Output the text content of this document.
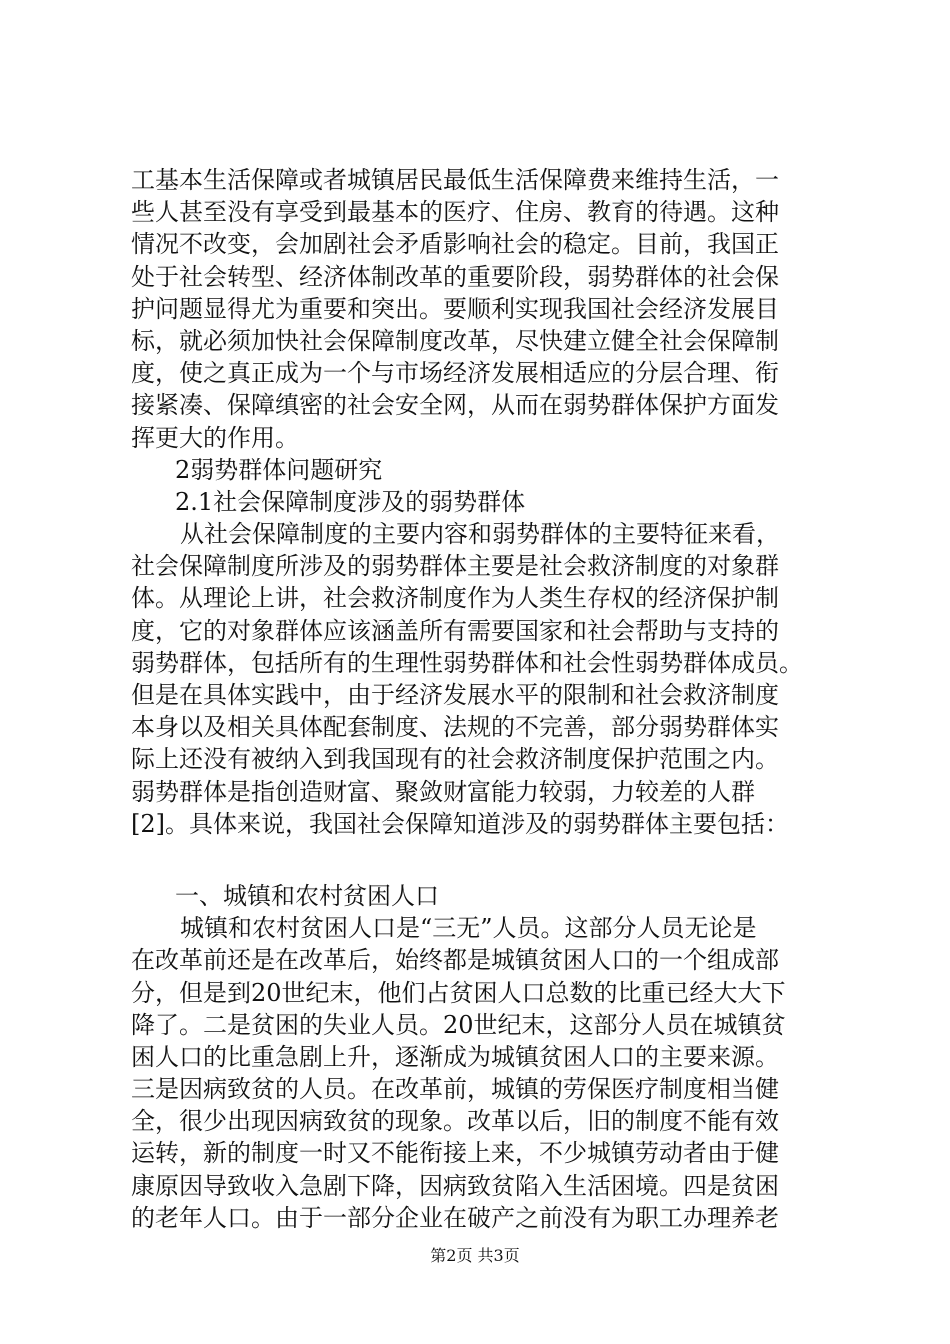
工基本生活保障或者城镇居民最低生活保障费来维持生活，一
些人甚至没有享受到最基本的医疗、住房、教育的待遇。这种
情况不改变，会加剧社会矛盾影响社会的稳定。目前，我国正
处于社会转型、经济体制改革的重要阶段，弱势群体的社会保
护问题显得尤为重要和突出。要顺利实现我国社会经济发展目
标，就必须加快社会保障制度改革，尽快建立健全社会保障制
度，使之真正成为一个与市场经济发展相适应的分层合理、衔
接紧凑、保障缜密的社会安全网，从而在弱势群体保护方面发
挥更大的作用。
2弱势群体问题研究
2.1社会保障制度涉及的弱势群体
从社会保障制度的主要内容和弱势群体的主要特征来看，
社会保障制度所涉及的弱势群体主要是社会救济制度的对象群
体。从理论上讲，社会救济制度作为人类生存权的经济保护制
度，它的对象群体应该涵盖所有需要国家和社会帮助与支持的
弱势群体，包括所有的生理性弱势群体和社会性弱势群体成员。
但是在具体实践中，由于经济发展水平的限制和社会救济制度
本身以及相关具体配套制度、法规的不完善，部分弱势群体实
际上还没有被纳入到我国现有的社会救济制度保护范围之内。
弱势群体是指创造财富、聚敛财富能力较弱，力较差的人群
[2]。具体来说，我国社会保障知道涉及的弱势群体主要包括：
一、城镇和农村贫困人口
城镇和农村贫困人口是“三无”人员。这部分人员无论是
在改革前还是在改革后，始终都是城镇贫困人口的一个组成部
分，但是到20世纪末，他们占贫困人口总数的比重已经大大下
降了。二是贫困的失业人员。20世纪末，这部分人员在城镇贫
困人口的比重急剧上升，逐渐成为城镇贫困人口的主要来源。
三是因病致贫的人员。在改革前，城镇的劳保医疗制度相当健
全，很少出现因病致贫的现象。改革以后，旧的制度不能有效
运转，新的制度一时又不能衔接上来，不少城镇劳动者由于健
康原因导致收入急剧下降，因病致贫陷入生活困境。四是贫困
的老年人口。由于一部分企业在破产之前没有为职工办理养老
第2页 共3页
